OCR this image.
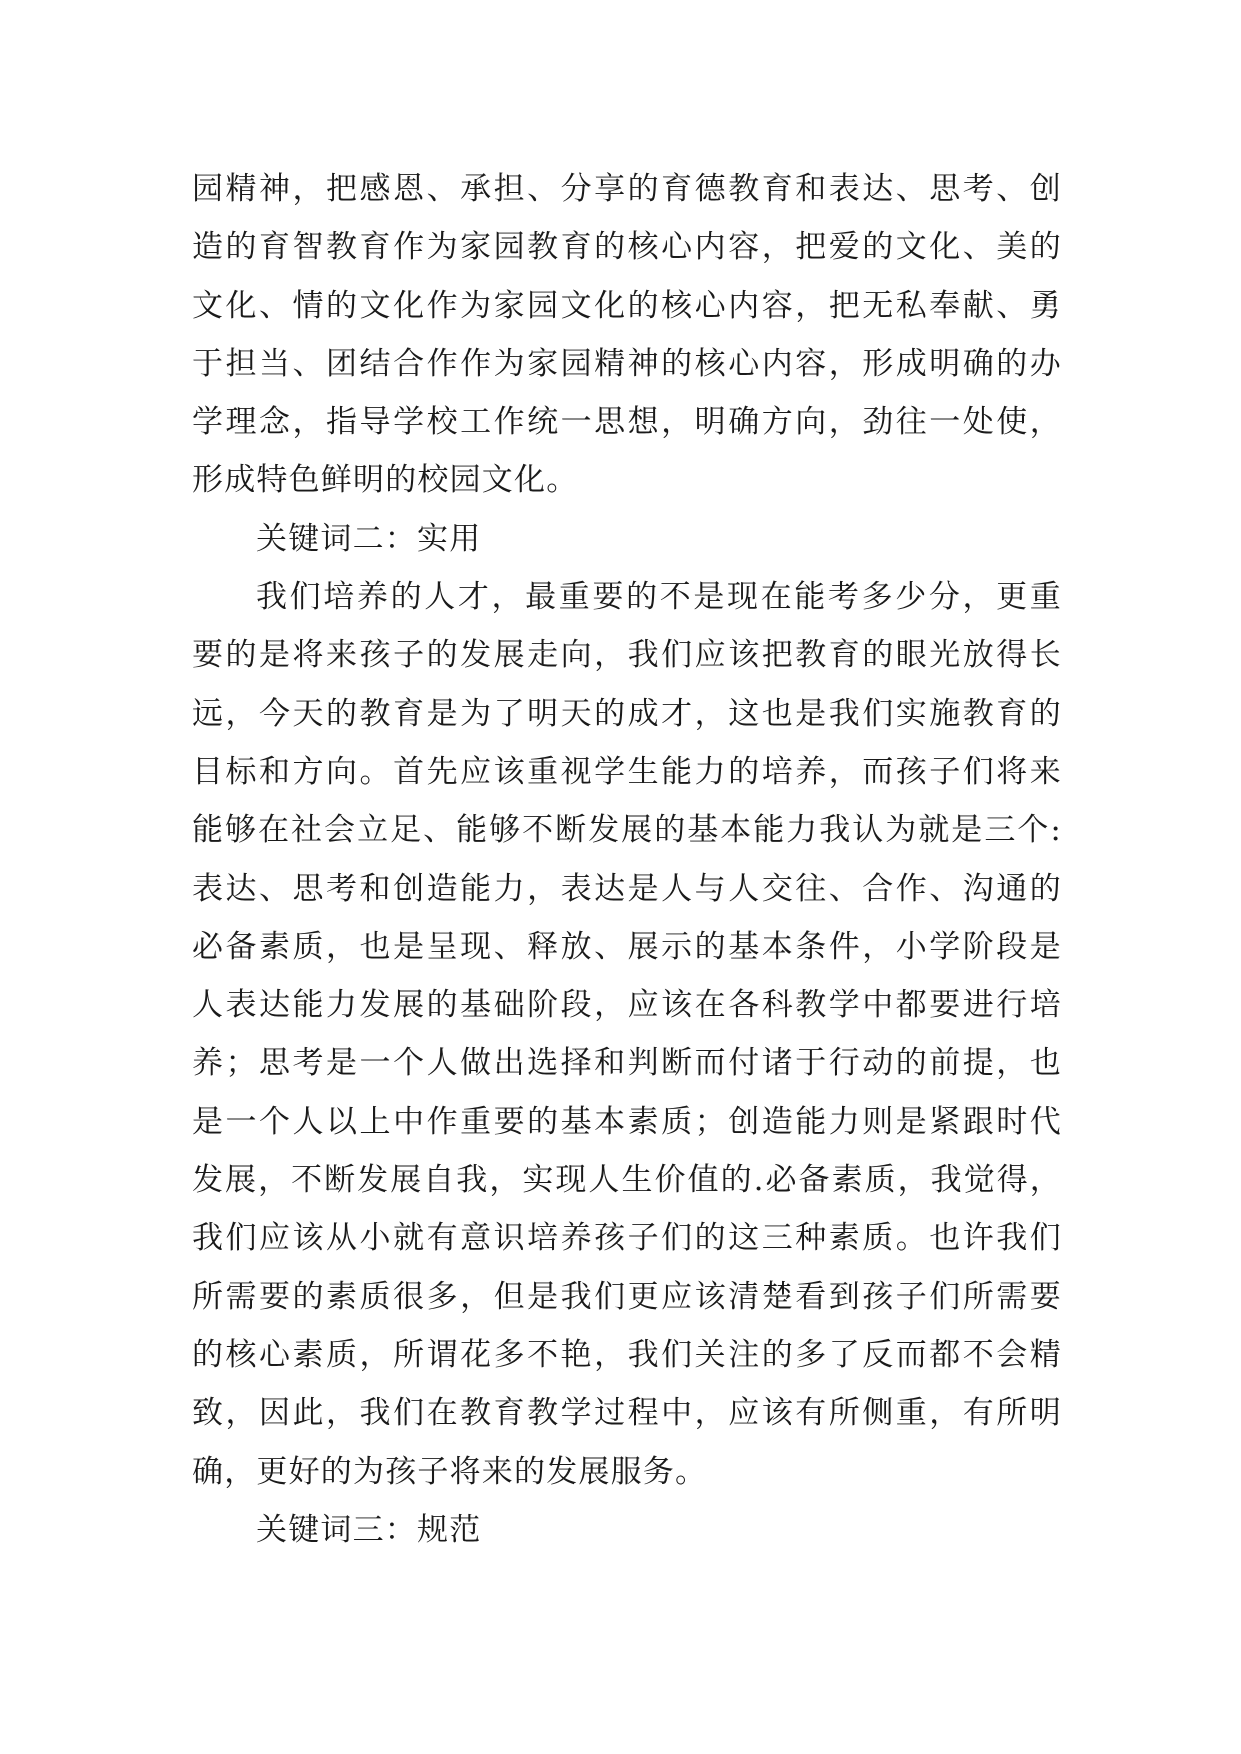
园精神，把感恩、承担、分享的育德教育和表达、思考、创
造的育智教育作为家园教育的核心内容，把爱的文化、美的
文化、情的文化作为家园文化的核心内容，把无私奉献、勇
于担当、团结合作作为家园精神的核心内容，形成明确的办
学理念，指导学校工作统一思想，明确方向，劲往一处使，
形成特色鲜明的校园文化。
关键词二：实用
我们培养的人才，最重要的不是现在能考多少分，更重
要的是将来孩子的发展走向，我们应该把教育的眼光放得长
远，今天的教育是为了明天的成才，这也是我们实施教育的
目标和方向。首先应该重视学生能力的培养，而孩子们将来
能够在社会立足、能够不断发展的基本能力我认为就是三个:
表达、思考和创造能力，表达是人与人交往、合作、沟通的
必备素质，也是呈现、释放、展示的基本条件，小学阶段是
人表达能力发展的基础阶段，应该在各科教学中都要进行培
养；思考是一个人做出选择和判断而付诸于行动的前提，也
是一个人以上中作重要的基本素质；创造能力则是紧跟时代
发展，不断发展自我，实现人生价值的.必备素质，我觉得，
我们应该从小就有意识培养孩子们的这三种素质。也许我们
所需要的素质很多，但是我们更应该清楚看到孩子们所需要
的核心素质，所谓花多不艳，我们关注的多了反而都不会精
致，因此，我们在教育教学过程中，应该有所侧重，有所明
确，更好的为孩子将来的发展服务。
关键词三：规范
